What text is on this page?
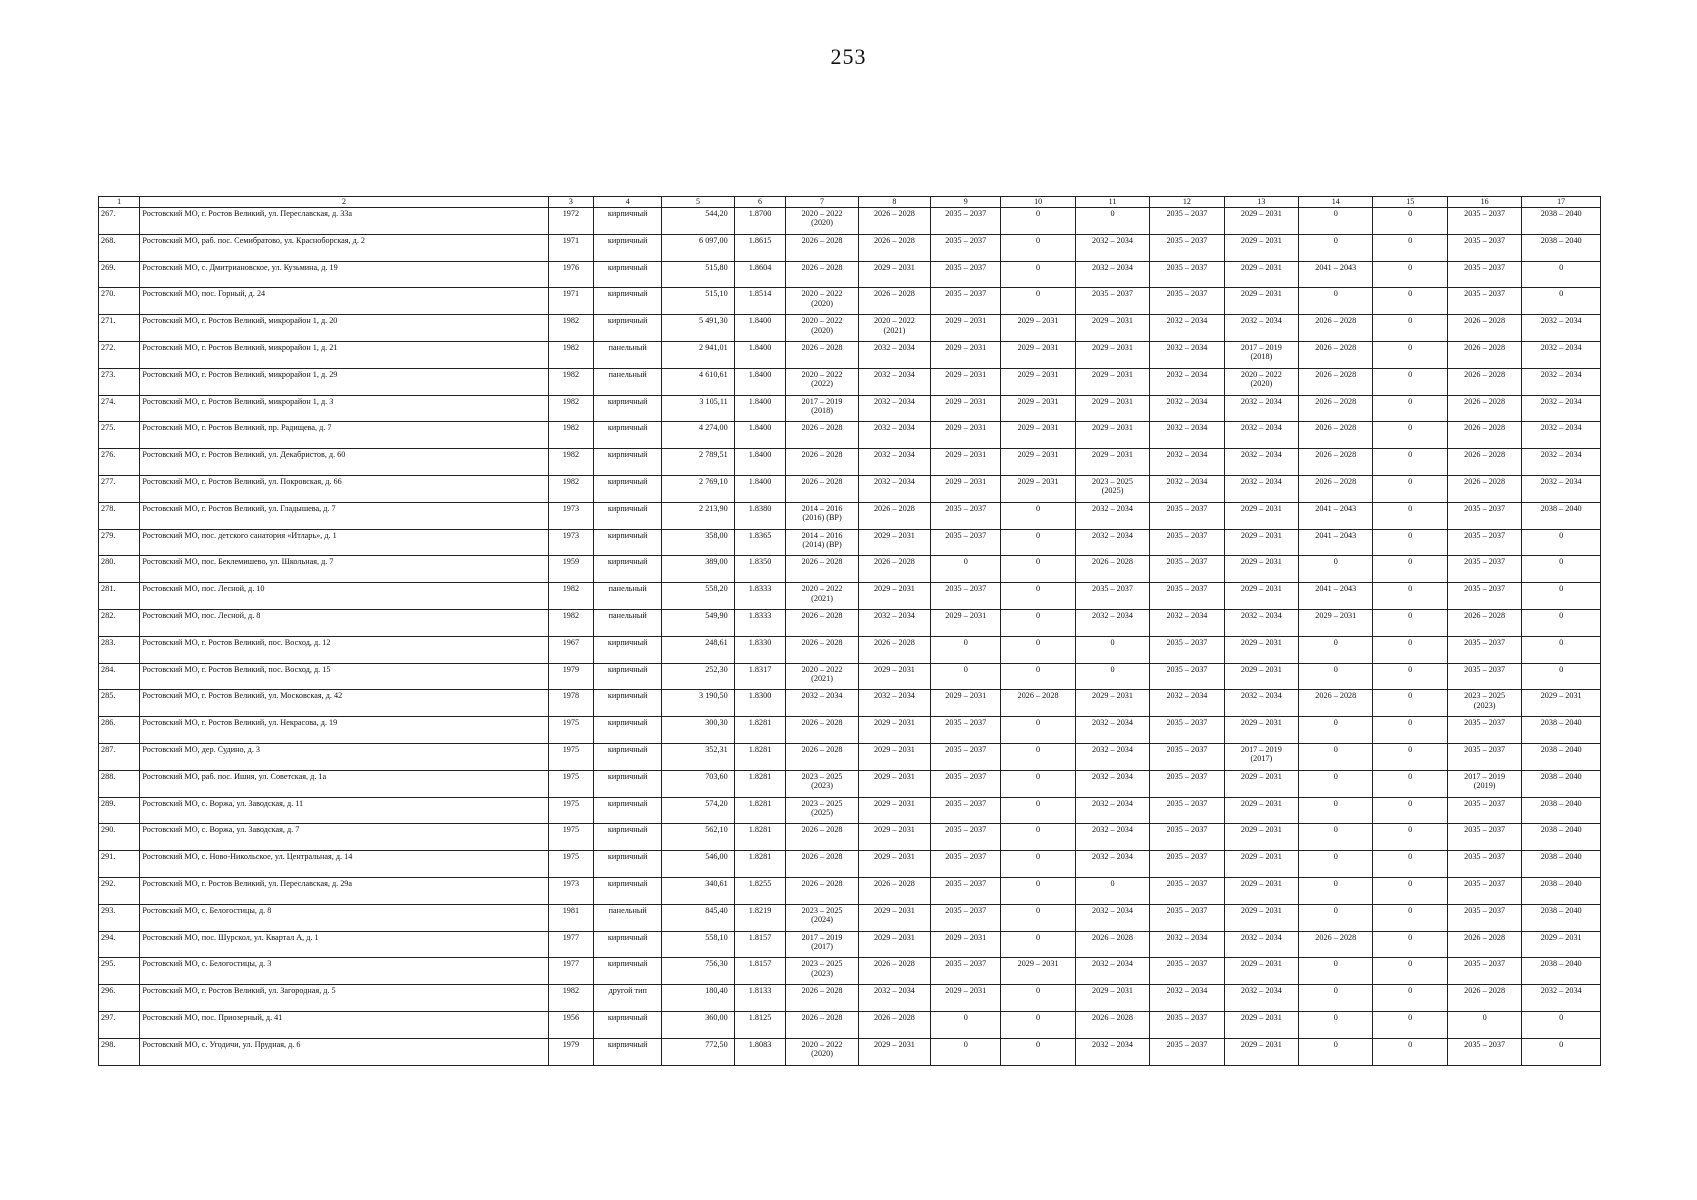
253
1	2	3	4	5	6	7	8	9	10	11	12	13	14	15	16	17
267.	Ростовский МО, г. Ростов Великий, ул. Переславская, д. 33а	1972	кирпичный	544,20	1.8700	2020 – 2022
(2020)	2026 – 2028	2035 – 2037	0	0	2035 – 2037	2029 – 2031	0	0	2035 – 2037	2038 – 2040
268.	Ростовский МО, раб. пос. Семибратово, ул. Красноборская, д. 2	1971	кирпичный	6 097,00	1.8615	2026 – 2028	2026 – 2028	2035 – 2037	0	2032 – 2034	2035 – 2037	2029 – 2031	0	0	2035 – 2037	2038 – 2040
269.	Ростовский МО, с. Дмитриановское, ул. Кузьмина, д. 19	1976	кирпичный	515,80	1.8604	2026 – 2028	2029 – 2031	2035 – 2037	0	2032 – 2034	2035 – 2037	2029 – 2031	2041 – 2043	0	2035 – 2037	0
270.	Ростовский МО, пос. Горный, д. 24	1971	кирпичный	515,10	1.8514	2020 – 2022
(2020)	2026 – 2028	2035 – 2037	0	2035 – 2037	2035 – 2037	2029 – 2031	0	0	2035 – 2037	0
271.	Ростовский МО, г. Ростов Великий, микрорайон 1, д. 20	1982	кирпичный	5 491,30	1.8400	2020 – 2022
(2020)	2020 – 2022
(2021)	2029 – 2031	2029 – 2031	2029 – 2031	2032 – 2034	2032 – 2034	2026 – 2028	0	2026 – 2028	2032 – 2034
272.	Ростовский МО, г. Ростов Великий, микрорайон 1, д. 21	1982	панельный	2 941,01	1.8400	2026 – 2028	2032 – 2034	2029 – 2031	2029 – 2031	2029 – 2031	2032 – 2034	2017 – 2019
(2018)	2026 – 2028	0	2026 – 2028	2032 – 2034
273.	Ростовский МО, г. Ростов Великий, микрорайон 1, д. 29	1982	панельный	4 610,61	1.8400	2020 – 2022
(2022)	2032 – 2034	2029 – 2031	2029 – 2031	2029 – 2031	2032 – 2034	2020 – 2022
(2020)	2026 – 2028	0	2026 – 2028	2032 – 2034
274.	Ростовский МО, г. Ростов Великий, микрорайон 1, д. 3	1982	кирпичный	3 105,11	1.8400	2017 – 2019
(2018)	2032 – 2034	2029 – 2031	2029 – 2031	2029 – 2031	2032 – 2034	2032 – 2034	2026 – 2028	0	2026 – 2028	2032 – 2034
275.	Ростовский МО, г. Ростов Великий, пр. Радищева, д. 7	1982	кирпичный	4 274,00	1.8400	2026 – 2028	2032 – 2034	2029 – 2031	2029 – 2031	2029 – 2031	2032 – 2034	2032 – 2034	2026 – 2028	0	2026 – 2028	2032 – 2034
276.	Ростовский МО, г. Ростов Великий, ул. Декабристов, д. 60	1982	кирпичный	2 789,51	1.8400	2026 – 2028	2032 – 2034	2029 – 2031	2029 – 2031	2029 – 2031	2032 – 2034	2032 – 2034	2026 – 2028	0	2026 – 2028	2032 – 2034
277.	Ростовский МО, г. Ростов Великий, ул. Покровская, д. 66	1982	кирпичный	2 769,10	1.8400	2026 – 2028	2032 – 2034	2029 – 2031	2029 – 2031	2023 – 2025
(2025)	2032 – 2034	2032 – 2034	2026 – 2028	0	2026 – 2028	2032 – 2034
278.	Ростовский МО, г. Ростов Великий, ул. Гладышева, д. 7	1973	кирпичный	2 213,90	1.8380	2014 – 2016
(2016) (ВР)	2026 – 2028	2035 – 2037	0	2032 – 2034	2035 – 2037	2029 – 2031	2041 – 2043	0	2035 – 2037	2038 – 2040
279.	Ростовский МО, пос. детского санатория «Итларь», д. 1	1973	кирпичный	358,00	1.8365	2014 – 2016
(2014) (ВР)	2029 – 2031	2035 – 2037	0	2032 – 2034	2035 – 2037	2029 – 2031	2041 – 2043	0	2035 – 2037	0
280.	Ростовский МО, пос. Беклемишево, ул. Школьная, д. 7	1959	кирпичный	389,00	1.8350	2026 – 2028	2026 – 2028	0	0	2026 – 2028	2035 – 2037	2029 – 2031	0	0	2035 – 2037	0
281.	Ростовский МО, пос. Лесной, д. 10	1982	панельный	558,20	1.8333	2020 – 2022
(2021)	2029 – 2031	2035 – 2037	0	2035 – 2037	2035 – 2037	2029 – 2031	2041 – 2043	0	2035 – 2037	0
282.	Ростовский МО, пос. Лесной, д. 8	1982	панельный	549,90	1.8333	2026 – 2028	2032 – 2034	2029 – 2031	0	2032 – 2034	2032 – 2034	2032 – 2034	2029 – 2031	0	2026 – 2028	0
283.	Ростовский МО, г. Ростов Великий, пос. Восход, д. 12	1967	кирпичный	248,61	1.8330	2026 – 2028	2026 – 2028	0	0	0	2035 – 2037	2029 – 2031	0	0	2035 – 2037	0
284.	Ростовский МО, г. Ростов Великий, пос. Восход, д. 15	1979	кирпичный	252,30	1.8317	2020 – 2022
(2021)	2029 – 2031	0	0	0	2035 – 2037	2029 – 2031	0	0	2035 – 2037	0
285.	Ростовский МО, г. Ростов Великий, ул. Московская, д. 42	1978	кирпичный	3 190,50	1.8300	2032 – 2034	2032 – 2034	2029 – 2031	2026 – 2028	2029 – 2031	2032 – 2034	2032 – 2034	2026 – 2028	0	2023 – 2025
(2023)	2029 – 2031
286.	Ростовский МО, г. Ростов Великий, ул. Некрасова, д. 19	1975	кирпичный	300,30	1.8281	2026 – 2028	2029 – 2031	2035 – 2037	0	2032 – 2034	2035 – 2037	2029 – 2031	0	0	2035 – 2037	2038 – 2040
287.	Ростовский МО, дер. Судино, д. 3	1975	кирпичный	352,31	1.8281	2026 – 2028	2029 – 2031	2035 – 2037	0	2032 – 2034	2035 – 2037	2017 – 2019
(2017)	0	0	2035 – 2037	2038 – 2040
288.	Ростовский МО, раб. пос. Ишня, ул. Советская, д. 1а	1975	кирпичный	703,60	1.8281	2023 – 2025
(2023)	2029 – 2031	2035 – 2037	0	2032 – 2034	2035 – 2037	2029 – 2031	0	0	2017 – 2019
(2019)	2038 – 2040
289.	Ростовский МО, с. Воржа, ул. Заводская, д. 11	1975	кирпичный	574,20	1.8281	2023 – 2025
(2025)	2029 – 2031	2035 – 2037	0	2032 – 2034	2035 – 2037	2029 – 2031	0	0	2035 – 2037	2038 – 2040
290.	Ростовский МО, с. Воржа, ул. Заводская, д. 7	1975	кирпичный	562,10	1.8281	2026 – 2028	2029 – 2031	2035 – 2037	0	2032 – 2034	2035 – 2037	2029 – 2031	0	0	2035 – 2037	2038 – 2040
291.	Ростовский МО, с. Ново-Никольское, ул. Центральная, д. 14	1975	кирпичный	546,00	1.8281	2026 – 2028	2029 – 2031	2035 – 2037	0	2032 – 2034	2035 – 2037	2029 – 2031	0	0	2035 – 2037	2038 – 2040
292.	Ростовский МО, г. Ростов Великий, ул. Переславская, д. 29а	1973	кирпичный	340,61	1.8255	2026 – 2028	2026 – 2028	2035 – 2037	0	0	2035 – 2037	2029 – 2031	0	0	2035 – 2037	2038 – 2040
293.	Ростовский МО, с. Белогостицы, д. 8	1981	панельный	845,40	1.8219	2023 – 2025
(2024)	2029 – 2031	2035 – 2037	0	2032 – 2034	2035 – 2037	2029 – 2031	0	0	2035 – 2037	2038 – 2040
294.	Ростовский МО, пос. Шурскол, ул. Квартал А, д. 1	1977	кирпичный	558,10	1.8157	2017 – 2019
(2017)	2029 – 2031	2029 – 2031	0	2026 – 2028	2032 – 2034	2032 – 2034	2026 – 2028	0	2026 – 2028	2029 – 2031
295.	Ростовский МО, с. Белогостицы, д. 3	1977	кирпичный	756,30	1.8157	2023 – 2025
(2023)	2026 – 2028	2035 – 2037	2029 – 2031	2032 – 2034	2035 – 2037	2029 – 2031	0	0	2035 – 2037	2038 – 2040
296.	Ростовский МО, г. Ростов Великий, ул. Загородная, д. 5	1982	другой тип	180,40	1.8133	2026 – 2028	2032 – 2034	2029 – 2031	0	2029 – 2031	2032 – 2034	2032 – 2034	0	0	2026 – 2028	2032 – 2034
297.	Ростовский МО, пос. Приозерный, д. 41	1956	кирпичный	360,00	1.8125	2026 – 2028	2026 – 2028	0	0	2026 – 2028	2035 – 2037	2029 – 2031	0	0	0	0
298.	Ростовский МО, с. Угодичи, ул. Прудная, д. 6	1979	кирпичный	772,50	1.8083	2020 – 2022
(2020)	2029 – 2031	0	0	2032 – 2034	2035 – 2037	2029 – 2031	0	0	2035 – 2037	0
